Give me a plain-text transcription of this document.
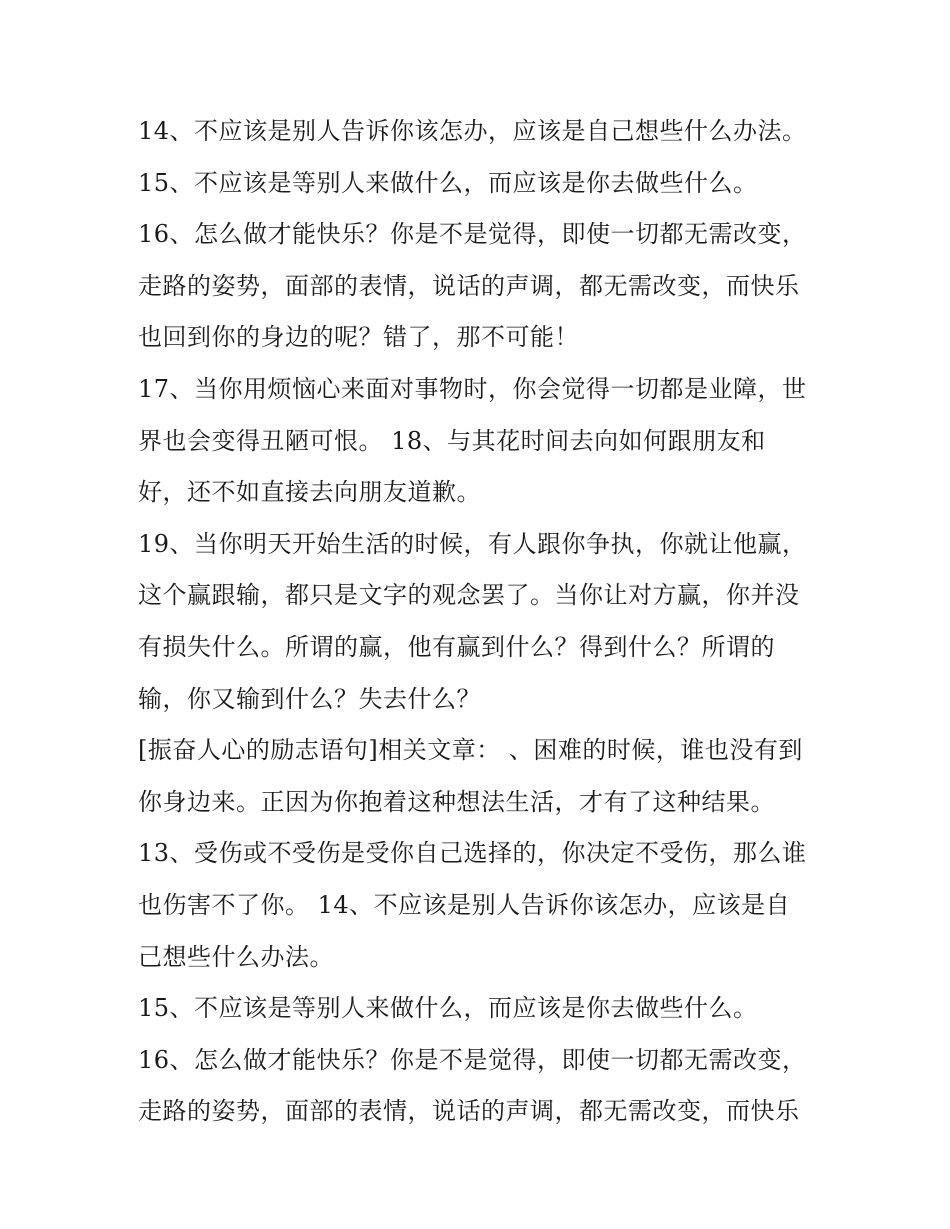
14、不应该是别人告诉你该怎办，应该是自己想些什么办法。
15、不应该是等别人来做什么，而应该是你去做些什么。
16、怎么做才能快乐？你是不是觉得，即使一切都无需改变，
走路的姿势，面部的表情，说话的声调，都无需改变，而快乐
也回到你的身边的呢？错了，那不可能！
17、当你用烦恼心来面对事物时，你会觉得一切都是业障，世
界也会变得丑陋可恨。 18、与其花时间去向如何跟朋友和
好，还不如直接去向朋友道歉。
19、当你明天开始生活的时候，有人跟你争执，你就让他赢，
这个赢跟输，都只是文字的观念罢了。当你让对方赢，你并没
有损失什么。所谓的赢，他有赢到什么？得到什么？所谓的
输，你又输到什么？失去什么？
[振奋人心的励志语句]相关文章： 、困难的时候，谁也没有到
你身边来。正因为你抱着这种想法生活，才有了这种结果。
13、受伤或不受伤是受你自己选择的，你决定不受伤，那么谁
也伤害不了你。 14、不应该是别人告诉你该怎办，应该是自
己想些什么办法。
15、不应该是等别人来做什么，而应该是你去做些什么。
16、怎么做才能快乐？你是不是觉得，即使一切都无需改变，
走路的姿势，面部的表情，说话的声调，都无需改变，而快乐
